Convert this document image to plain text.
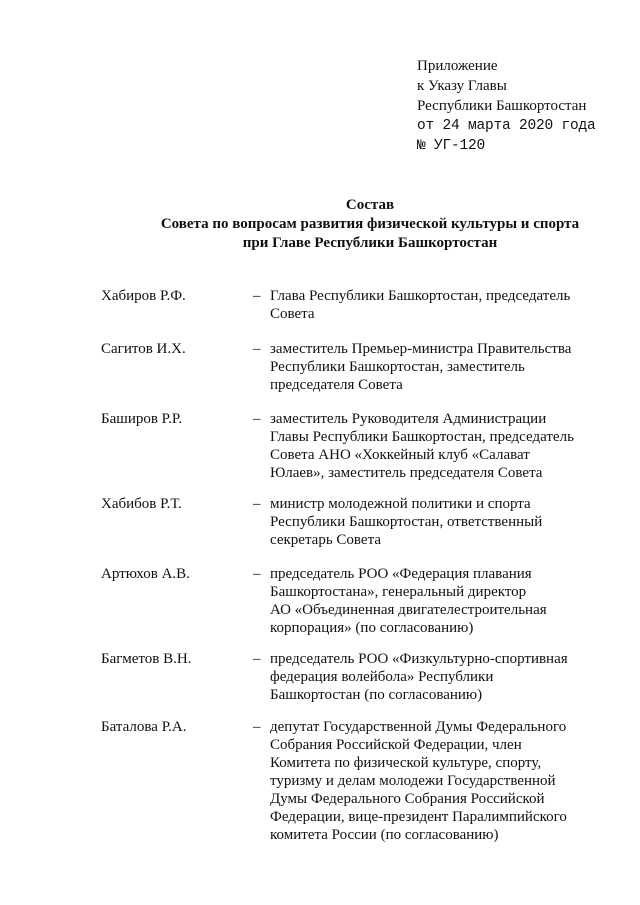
Приложение
к Указу Главы
Республики Башкортостан
от 24 марта 2020 года
№ УГ-120
Состав
Совета по вопросам развития физической культуры и спорта
при Главе Республики Башкортостан
Хабиров Р.Ф.	– Глава Республики Башкортостан, председатель
Совета
Сагитов И.Х.	– заместитель Премьер-министра Правительства
Республики Башкортостан, заместитель
председателя Совета
Баширов Р.Р.	– заместитель Руководителя Администрации
Главы Республики Башкортостан, председатель
Совета АНО «Хоккейный клуб «Салават
Юлаев», заместитель председателя Совета
Хабибов Р.Т.	– министр молодежной политики и спорта
Республики Башкортостан, ответственный
секретарь Совета
Артюхов А.В.	– председатель РОО «Федерация плавания
Башкортостана», генеральный директор
АО «Объединенная двигателестроительная
корпорация» (по согласованию)
Багметов В.Н.	– председатель РОО «Физкультурно-спортивная
федерация волейбола» Республики
Башкортостан (по согласованию)
Баталова Р.А.	– депутат Государственной Думы Федерального
Собрания Российской Федерации, член
Комитета по физической культуре, спорту,
туризму и делам молодежи Государственной
Думы Федерального Собрания Российской
Федерации, вице-президент Паралимпийского
комитета России (по согласованию)
